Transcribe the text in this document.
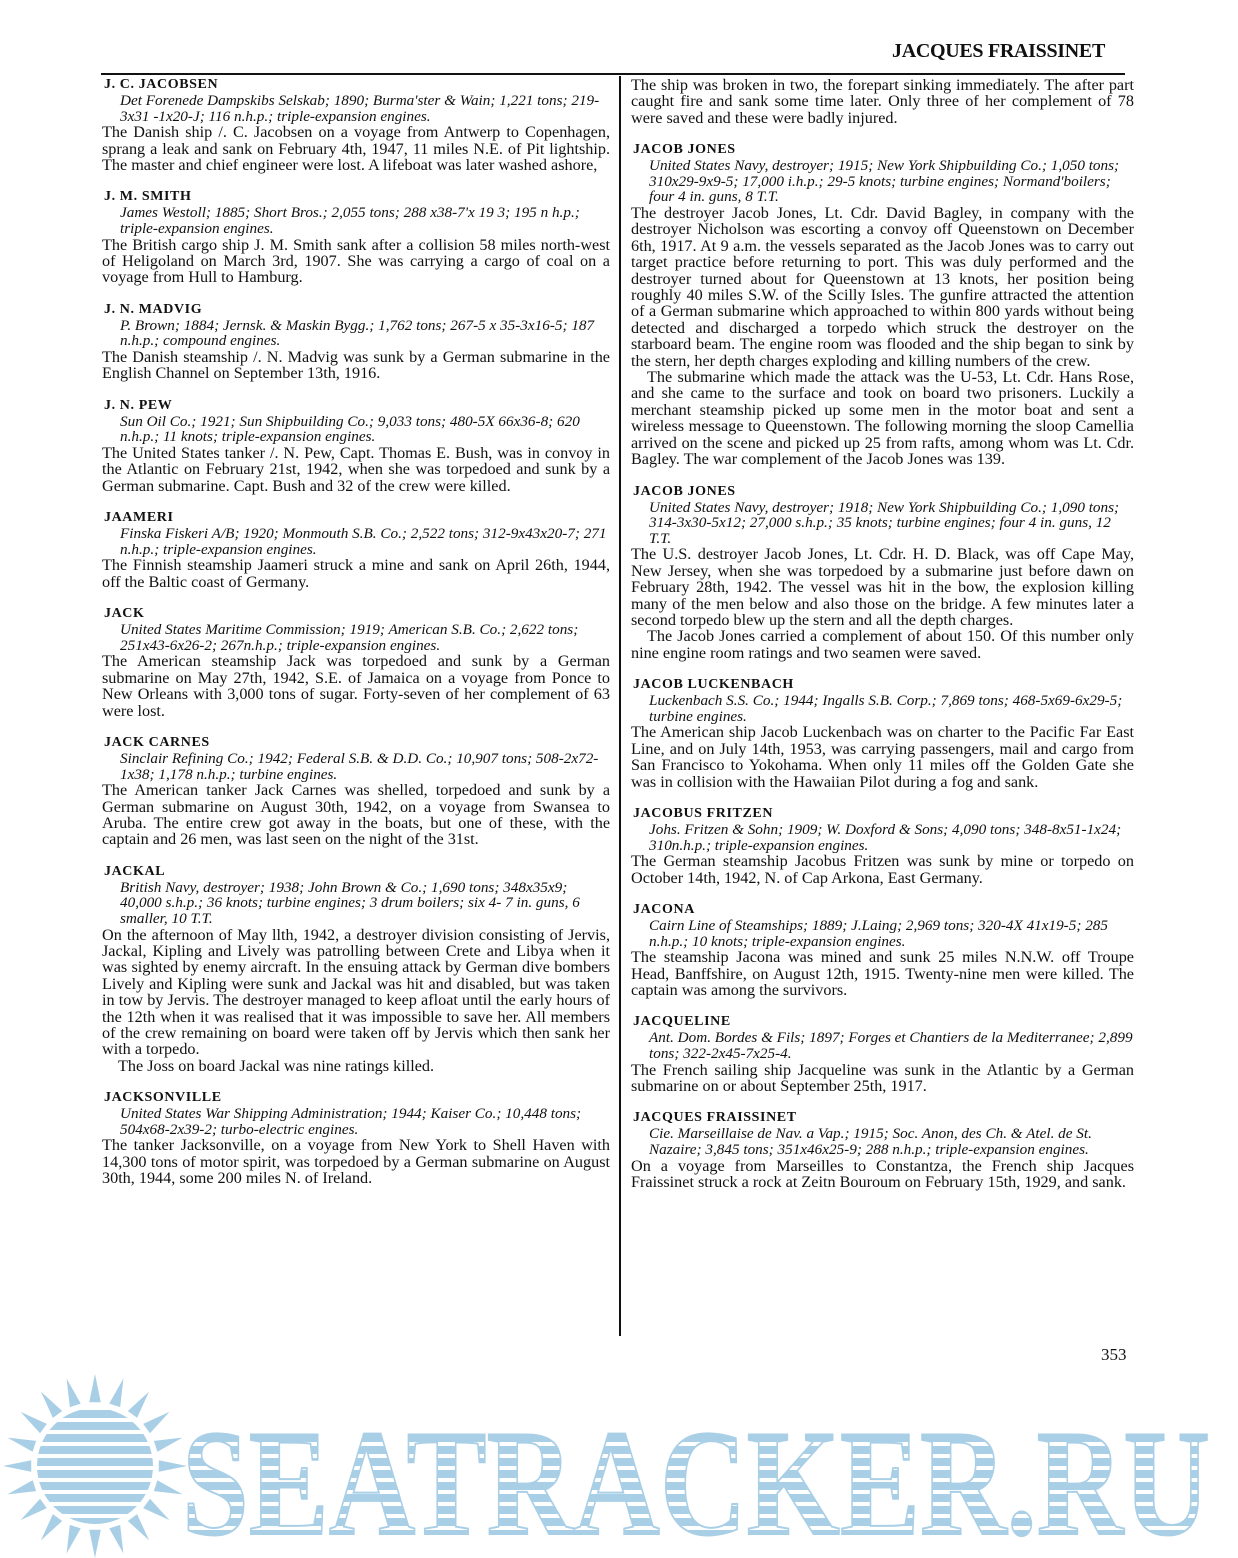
JACQUES FRAISSINET
J. C. JACOBSEN

Det Forenede Dampskibs Selskab; 1890; Burma'ster & Wain; 1,221 tons; 219-3x31 -1x20-J; 116 n.h.p.; triple-expansion engines.

The Danish ship /. C. Jacobsen on a voyage from Antwerp to Copenhagen, sprang a leak and sank on February 4th, 1947, 11 miles N.E. of Pit lightship. The master and chief engineer were lost. A lifeboat was later washed ashore,

J. M. SMITH

James Westoll; 1885; Short Bros.; 2,055 tons; 288 x38-7'x 19 3; 195 n h.p.; triple-expansion engines.

The British cargo ship J. M. Smith sank after a collision 58 miles north-west of Heligoland on March 3rd, 1907. She was carrying a cargo of coal on a voyage from Hull to Hamburg.

J. N. MADVIG

P. Brown; 1884; Jernsk. & Maskin Bygg.; 1,762 tons; 267-5 x 35-3x16-5; 187 n.h.p.; compound engines.

The Danish steamship /. N. Madvig was sunk by a German submarine in the English Channel on September 13th, 1916.

J. N. PEW

Sun Oil Co.; 1921; Sun Shipbuilding Co.; 9,033 tons; 480-5X 66x36-8; 620 n.h.p.; 11 knots; triple-expansion engines.

The United States tanker /. N. Pew, Capt. Thomas E. Bush, was in convoy in the Atlantic on February 21st, 1942, when she was torpedoed and sunk by a German submarine. Capt. Bush and 32 of the crew were killed.

JAAMERI

Finska Fiskeri A/B; 1920; Monmouth S.B. Co.; 2,522 tons; 312-9x43x20-7; 271 n.h.p.; triple-expansion engines.

The Finnish steamship Jaameri struck a mine and sank on April 26th, 1944, off the Baltic coast of Germany.

JACK

United States Maritime Commission; 1919; American S.B. Co.; 2,622 tons; 251x43-6x26-2; 267n.h.p.; triple-expansion engines.

The American steamship Jack was torpedoed and sunk by a German submarine on May 27th, 1942, S.E. of Jamaica on a voyage from Ponce to New Orleans with 3,000 tons of sugar. Forty-seven of her complement of 63 were lost.

JACK CARNES

Sinclair Refining Co.; 1942; Federal S.B. & D.D. Co.; 10,907 tons; 508-2x72-1x38; 1,178 n.h.p.; turbine engines.

The American tanker Jack Carnes was shelled, torpedoed and sunk by a German submarine on August 30th, 1942, on a voyage from Swansea to Aruba. The entire crew got away in the boats, but one of these, with the captain and 26 men, was last seen on the night of the 31st.

JACKAL

British Navy, destroyer; 1938; John Brown & Co.; 1,690 tons; 348x35x9; 40,000 s.h.p.; 36 knots; turbine engines; 3 drum boilers; six 4- 7 in. guns, 6 smaller, 10 T.T.

On the afternoon of May llth, 1942, a destroyer division consisting of Jervis, Jackal, Kipling and Lively was patrolling between Crete and Libya when it was sighted by enemy aircraft. In the ensuing attack by German dive bombers Lively and Kipling were sunk and Jackal was hit and disabled, but was taken in tow by Jervis. The destroyer managed to keep afloat until the early hours of the 12th when it was realised that it was impossible to save her. All members of the crew remaining on board were taken off by Jervis which then sank her with a torpedo.

The Joss on board Jackal was nine ratings killed.

JACKSONVILLE

United States War Shipping Administration; 1944; Kaiser Co.; 10,448 tons; 504x68-2x39-2; turbo-electric engines.

The tanker Jacksonville, on a voyage from New York to Shell Haven with 14,300 tons of motor spirit, was torpedoed by a German submarine on August 30th, 1944, some 200 miles N. of Ireland.

The ship was broken in two, the forepart sinking immediately. The after part caught fire and sank some time later. Only three of her complement of 78 were saved and these were badly injured.

JACOB JONES

United States Navy, destroyer; 1915; New York Shipbuilding Co.; 1,050 tons; 310x29-9x9-5; 17,000 i.h.p.; 29-5 knots; turbine engines; Normand'boilers; four 4 in. guns, 8 T.T.

The destroyer Jacob Jones, Lt. Cdr. David Bagley, in company with the destroyer Nicholson was escorting a convoy off Queenstown on December 6th, 1917. At 9 a.m. the vessels separated as the Jacob Jones was to carry out target practice before returning to port. This was duly performed and the destroyer turned about for Queenstown at 13 knots, her position being roughly 40 miles S.W. of the Scilly Isles. The gunfire attracted the attention of a German submarine which approached to within 800 yards without being detected and discharged a torpedo which struck the destroyer on the starboard beam. The engine room was flooded and the ship began to sink by the stern, her depth charges exploding and killing numbers of the crew.

The submarine which made the attack was the U-53, Lt. Cdr. Hans Rose, and she came to the surface and took on board two prisoners. Luckily a merchant steamship picked up some men in the motor boat and sent a wireless message to Queenstown. The following morning the sloop Camellia arrived on the scene and picked up 25 from rafts, among whom was Lt. Cdr. Bagley. The war complement of the Jacob Jones was 139.

JACOB JONES

United States Navy, destroyer; 1918; New York Shipbuilding Co.; 1,090 tons; 314-3x30-5x12; 27,000 s.h.p.; 35 knots; turbine engines; four 4 in. guns, 12 T.T.

The U.S. destroyer Jacob Jones, Lt. Cdr. H. D. Black, was off Cape May, New Jersey, when she was torpedoed by a submarine just before dawn on February 28th, 1942. The vessel was hit in the bow, the explosion killing many of the men below and also those on the bridge. A few minutes later a second torpedo blew up the stern and all the depth charges.

The Jacob Jones carried a complement of about 150. Of this number only nine engine room ratings and two seamen were saved.

JACOB LUCKENBACH

Luckenbach S.S. Co.; 1944; Ingalls S.B. Corp.; 7,869 tons; 468-5x69-6x29-5; turbine engines.

The American ship Jacob Luckenbach was on charter to the Pacific Far East Line, and on July 14th, 1953, was carrying passengers, mail and cargo from San Francisco to Yokohama. When only 11 miles off the Golden Gate she was in collision with the Hawaiian Pilot during a fog and sank.

JACOBUS FRITZEN

Johs. Fritzen & Sohn; 1909; W. Doxford & Sons; 4,090 tons; 348-8x51-1x24; 310n.h.p.; triple-expansion engines.

The German steamship Jacobus Fritzen was sunk by mine or torpedo on October 14th, 1942, N. of Cap Arkona, East Germany.

JACONA

Cairn Line of Steamships; 1889; J.Laing; 2,969 tons; 320-4X 41x19-5; 285 n.h.p.; 10 knots; triple-expansion engines.

The steamship Jacona was mined and sunk 25 miles N.N.W. off Troupe Head, Banffshire, on August 12th, 1915. Twenty-nine men were killed. The captain was among the survivors.

JACQUELINE

Ant. Dom. Bordes & Fils; 1897; Forges et Chantiers de la Mediterranee; 2,899 tons; 322-2x45-7x25-4.

The French sailing ship Jacqueline was sunk in the Atlantic by a German submarine on or about September 25th, 1917.

JACQUES FRAISSINET

Cie. Marseillaise de Nav. a Vap.; 1915; Soc. Anon, des Ch. & Atel. de St. Nazaire; 3,845 tons; 351x46x25-9; 288 n.h.p.; triple-expansion engines.

On a voyage from Marseilles to Constantza, the French ship Jacques Fraissinet struck a rock at Zeitn Bouroum on February 15th, 1929, and sank.

353
SEATRACKER.RU
